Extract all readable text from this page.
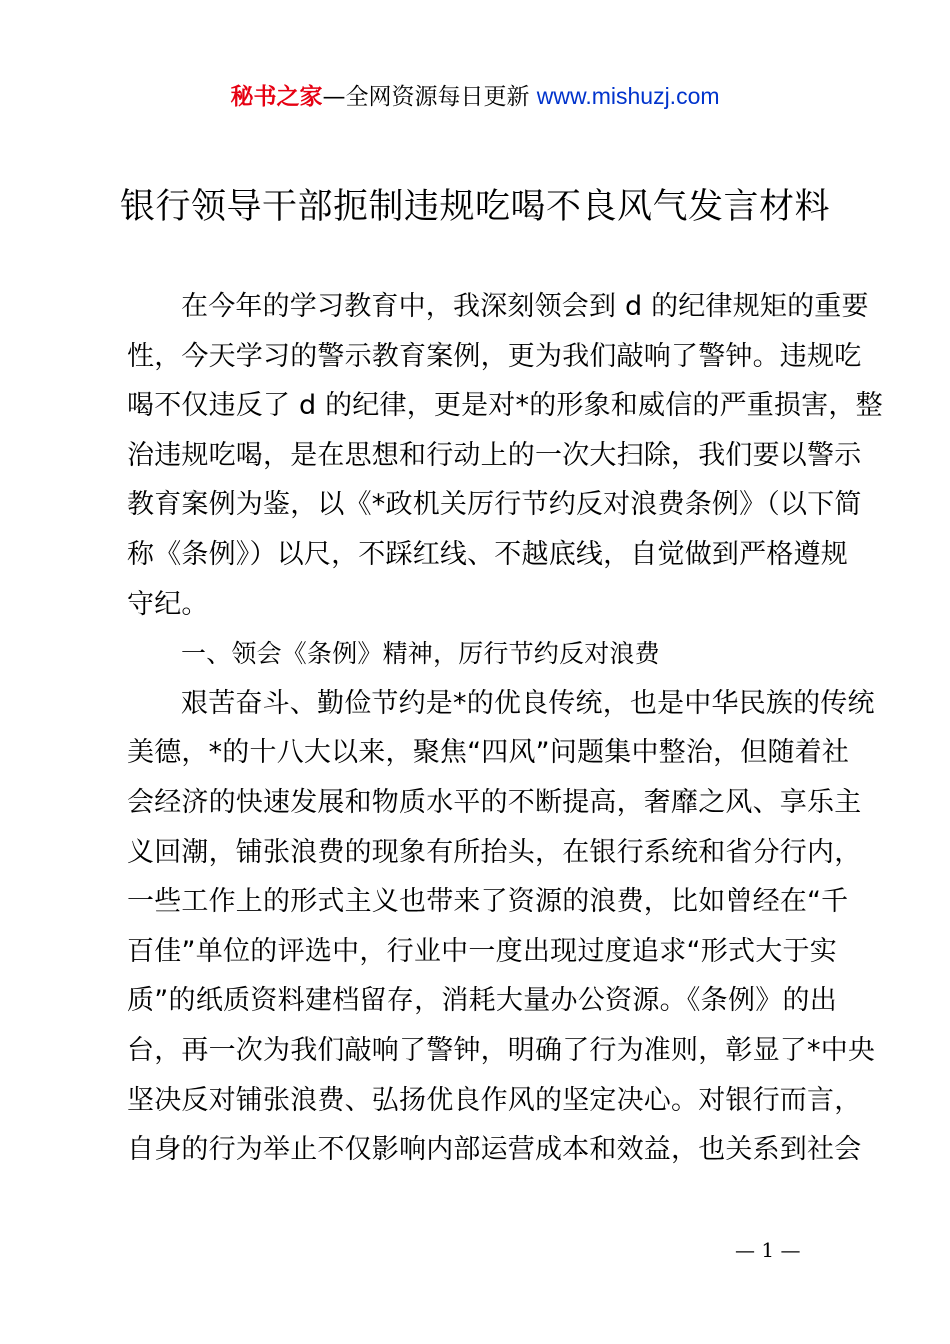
秘书之家—全网资源每日更新 www.mishuzj.com
银行领导干部扼制违规吃喝不良风气发言材料
在今年的学习教育中，我深刻领会到 d 的纪律规矩的重要
性，今天学习的警示教育案例，更为我们敲响了警钟。违规吃
喝不仅违反了 d 的纪律，更是对*的形象和威信的严重损害，整
治违规吃喝，是在思想和行动上的一次大扫除，我们要以警示
教育案例为鉴，以《*政机关厉行节约反对浪费条例》（以下简
称《条例》）以尺，不踩红线、不越底线，自觉做到严格遵规
守纪。
一、领会《条例》精神，厉行节约反对浪费
艰苦奋斗、勤俭节约是*的优良传统，也是中华民族的传统
美德，*的十八大以来，聚焦“四风”问题集中整治，但随着社
会经济的快速发展和物质水平的不断提高，奢靡之风、享乐主
义回潮，铺张浪费的现象有所抬头，在银行系统和省分行内，
一些工作上的形式主义也带来了资源的浪费，比如曾经在“千
百佳”单位的评选中，行业中一度出现过度追求“形式大于实
质”的纸质资料建档留存，消耗大量办公资源。《条例》的出
台，再一次为我们敲响了警钟，明确了行为准则，彰显了*中央
坚决反对铺张浪费、弘扬优良作风的坚定决心。对银行而言，
自身的行为举止不仅影响内部运营成本和效益，也关系到社会
— 1 —
